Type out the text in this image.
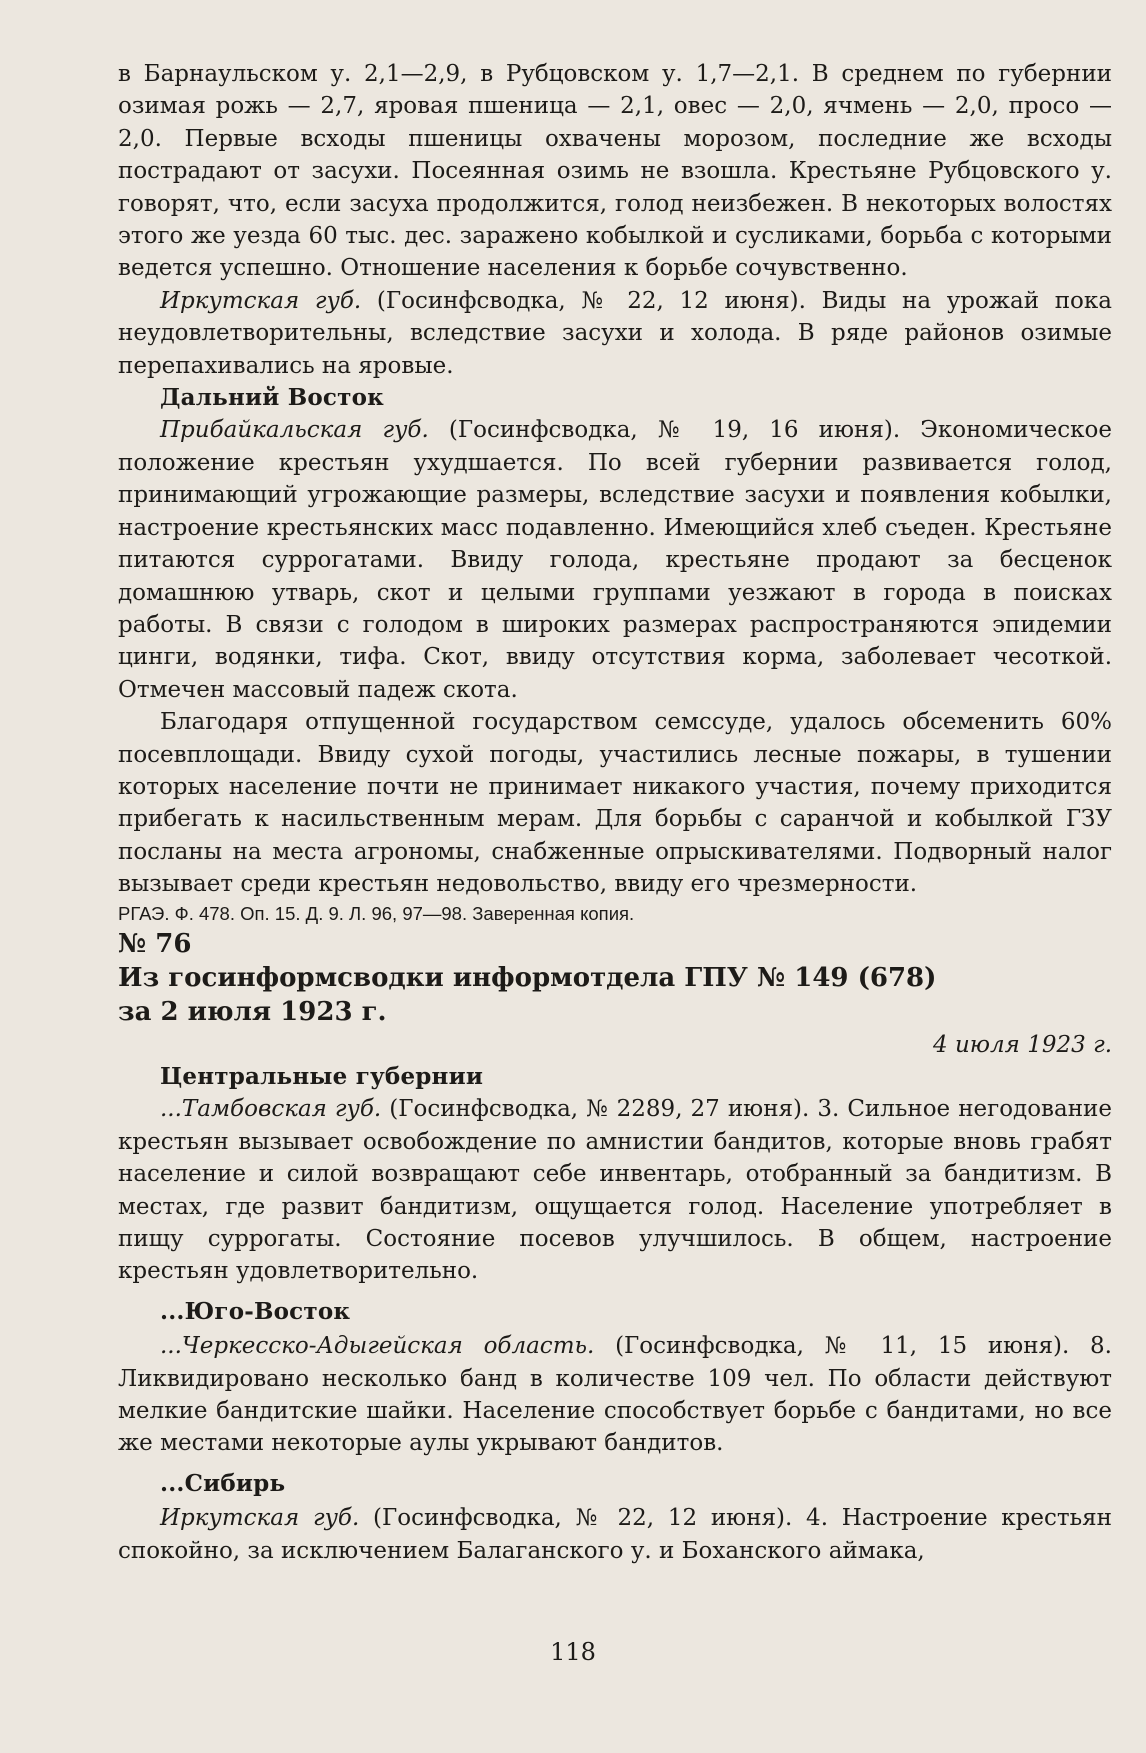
в Барнаульском у. 2,1—2,9, в Рубцовском у. 1,7—2,1. В среднем по губернии озимая рожь — 2,7, яровая пшеница — 2,1, овес — 2,0, ячмень — 2,0, просо — 2,0. Первые всходы пшеницы охвачены морозом, последние же всходы пострадают от засухи. Посеянная озимь не взошла. Крестьяне Рубцовского у. говорят, что, если засуха продолжится, голод неизбежен. В некоторых волостях этого же уезда 60 тыс. дес. заражено кобылкой и сусликами, борьба с которыми ведется успешно. Отношение населения к борьбе сочувственно.

Иркутская губ. (Госинфсводка, № 22, 12 июня). Виды на урожай пока неудовлетворительны, вследствие засухи и холода. В ряде районов озимые перепахивались на яровые.

Дальний Восток

Прибайкальская губ. (Госинфсводка, № 19, 16 июня). Экономическое положение крестьян ухудшается. По всей губернии развивается голод, принимающий угрожающие размеры, вследствие засухи и появления кобылки, настроение крестьянских масс подавленно. Имеющийся хлеб съеден. Крестьяне питаются суррогатами. Ввиду голода, крестьяне продают за бесценок домашнюю утварь, скот и целыми группами уезжают в города в поисках работы. В связи с голодом в широких размерах распространяются эпидемии цинги, водянки, тифа. Скот, ввиду отсутствия корма, заболевает чесоткой. Отмечен массовый падеж скота.

Благодаря отпущенной государством семссуде, удалось обсеменить 60% посевплощади. Ввиду сухой погоды, участились лесные пожары, в тушении которых население почти не принимает никакого участия, почему приходится прибегать к насильственным мерам. Для борьбы с саранчой и кобылкой ГЗУ посланы на места агрономы, снабженные опрыскивателями. Подворный налог вызывает среди крестьян недовольство, ввиду его чрезмерности.

РГАЭ. Ф. 478. Оп. 15. Д. 9. Л. 96, 97—98. Заверенная копия.

№ 76

Из госинформсводки информотдела ГПУ № 149 (678)

за 2 июля 1923 г.

4 июля 1923 г.

Центральные губернии

...Тамбовская губ. (Госинфсводка, № 2289, 27 июня). 3. Сильное негодование крестьян вызывает освобождение по амнистии бандитов, которые вновь грабят население и силой возвращают себе инвентарь, отобранный за бандитизм. В местах, где развит бандитизм, ощущается голод. Население употребляет в пищу суррогаты. Состояние посевов улучшилось. В общем, настроение крестьян удовлетворительно.

...Юго-Восток

...Черкесско-Адыгейская область. (Госинфсводка, № 11, 15 июня). 8. Ликвидировано несколько банд в количестве 109 чел. По области действуют мелкие бандитские шайки. Население способствует борьбе с бандитами, но все же местами некоторые аулы укрывают бандитов.

...Сибирь

Иркутская губ. (Госинфсводка, № 22, 12 июня). 4. Настроение крестьян спокойно, за исключением Балаганского у. и Боханского аймака,

118
